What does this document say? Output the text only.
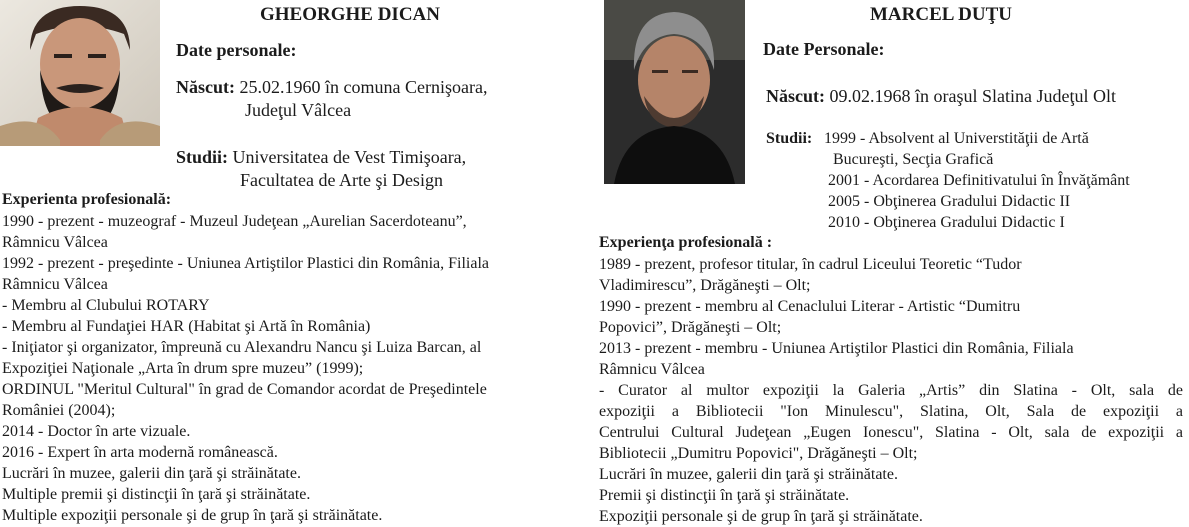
GHEORGHE DICAN
Date personale:
Născut: 25.02.1960 în comuna Cernişoara,
Judeţul Vâlcea
Studii: Universitatea de Vest Timişoara,
Facultatea de Arte şi Design
Experienta profesională:
1990 - prezent - muzeograf - Muzeul Judeţean „Aurelian Sacerdoteanu”,
Râmnicu Vâlcea
1992 - prezent - preşedinte - Uniunea Artiştilor Plastici din România, Filiala
Râmnicu Vâlcea
- Membru al Clubului ROTARY
- Membru al Fundaţiei HAR (Habitat şi Artă în România)
- Iniţiator şi organizator, împreună cu Alexandru Nancu şi Luiza Barcan, al
Expoziţiei Naţionale „Arta în drum spre muzeu” (1999);
ORDINUL "Meritul Cultural" în grad de Comandor acordat de Preşedintele
României (2004);
2014 - Doctor în arte vizuale.
2016 - Expert în arta modernă românească.
Lucrări în muzee, galerii din ţară şi străinătate.
Multiple premii şi distincţii în ţară şi străinătate.
Multiple expoziţii personale şi de grup în ţară şi străinătate.
MARCEL DUŢU
Date Personale:
Născut: 09.02.1968 în oraşul Slatina Judeţul Olt
Studii: 1999 - Absolvent al Universtităţii de Artă
Bucureşti, Secţia Grafică
2001 - Acordarea Definitivatului în Învăţământ
2005 - Obţinerea Gradului Didactic II
2010 - Obţinerea Gradului Didactic I
Experienţa profesională :
1989 - prezent, profesor titular, în cadrul Liceului Teoretic “Tudor
Vladimirescu”, Drăgăneşti – Olt;
1990 - prezent - membru al Cenaclului Literar - Artistic “Dumitru
Popovici”, Drăgăneşti – Olt;
2013 - prezent - membru - Uniunea Artiştilor Plastici din România, Filiala
Râmnicu Vâlcea
- Curator al multor expoziţii la Galeria „Artis” din Slatina - Olt, sala de
expoziţii a Bibliotecii "Ion Minulescu", Slatina, Olt, Sala de expoziţii a
Centrului Cultural Judeţean „Eugen Ionescu", Slatina - Olt, sala de expoziţii a
Bibliotecii „Dumitru Popovici", Drăgăneşti – Olt;
Lucrări în muzee, galerii din ţară şi străinătate.
Premii şi distincţii în ţară şi străinătate.
Expoziţii personale şi de grup în ţară şi străinătate.
